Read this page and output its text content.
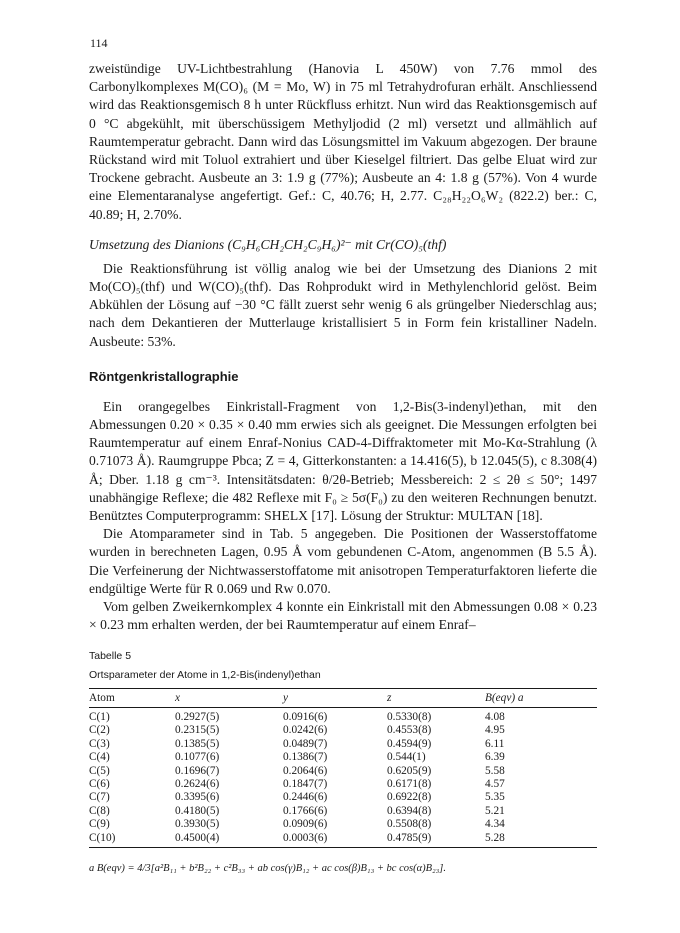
114

zweistündige UV-Lichtbestrahlung (Hanovia L 450W) von 7.76 mmol des Carbonylkomplexes M(CO)₆ (M = Mo, W) in 75 ml Tetrahydrofuran erhält. Anschliessend wird das Reaktionsgemisch 8 h unter Rückfluss erhitzt. Nun wird das Reaktionsgemisch auf 0 °C abgekühlt, mit überschüssigem Methyljodid (2 ml) versetzt und allmählich auf Raumtemperatur gebracht. Dann wird das Lösungsmittel im Vakuum abgezogen. Der braune Rückstand wird mit Toluol extrahiert und über Kieselgel filtriert. Das gelbe Eluat wird zur Trockene gebracht. Ausbeute an 3: 1.9 g (77%); Ausbeute an 4: 1.8 g (57%). Von 4 wurde eine Elementaranalyse angefertigt. Gef.: C, 40.76; H, 2.77. C₂₈H₂₂O₆W₂ (822.2) ber.: C, 40.89; H, 2.70%.

Umsetzung des Dianions (C₉H₆CH₂CH₂C₉H₆)²⁻ mit Cr(CO)₅(thf)

Die Reaktionsführung ist völlig analog wie bei der Umsetzung des Dianions 2 mit Mo(CO)₅(thf) und W(CO)₅(thf). Das Rohprodukt wird in Methylenchlorid gelöst. Beim Abkühlen der Lösung auf −30 °C fällt zuerst sehr wenig 6 als grüngelber Niederschlag aus; nach dem Dekantieren der Mutterlauge kristallisiert 5 in Form fein kristalliner Nadeln. Ausbeute: 53%.

Röntgenkristallographie

Ein orangegelbes Einkristall-Fragment von 1,2-Bis(3-indenyl)ethan, mit den Abmessungen 0.20 × 0.35 × 0.40 mm erwies sich als geeignet. Die Messungen erfolgten bei Raumtemperatur auf einem Enraf-Nonius CAD-4-Diffraktometer mit Mo-Kα-Strahlung (λ 0.71073 Å). Raumgruppe Pbca; Z = 4, Gitterkonstanten: a 14.416(5), b 12.045(5), c 8.308(4) Å; Dber. 1.18 g cm⁻³. Intensitätsdaten: θ/2θ-Betrieb; Messbereich: 2 ≤ 2θ ≤ 50°; 1497 unabhängige Reflexe; die 482 Reflexe mit F₀ ≥ 5σ(F₀) zu den weiteren Rechnungen benutzt. Benütztes Computerprogramm: SHELX [17]. Lösung der Struktur: MULTAN [18].

Die Atomparameter sind in Tab. 5 angegeben. Die Positionen der Wasserstoffatome wurden in berechneten Lagen, 0.95 Å vom gebundenen C-Atom, angenommen (B 5.5 Å). Die Verfeinerung der Nichtwasserstoffatome mit anisotropen Temperaturfaktoren lieferte die endgültige Werte für R 0.069 und Rw 0.070.

Vom gelben Zweikernkomplex 4 konnte ein Einkristall mit den Abmessungen 0.08 × 0.23 × 0.23 mm erhalten werden, der bei Raumtemperatur auf einem Enraf–

Tabelle 5
Ortsparameter der Atome in 1,2-Bis(indenyl)ethan
Atom	x	y	z	B(eqv) a
C(1)	0.2927(5)	0.0916(6)	0.5330(8)	4.08
C(2)	0.2315(5)	0.0242(6)	0.4553(8)	4.95
C(3)	0.1385(5)	0.0489(7)	0.4594(9)	6.11
C(4)	0.1077(6)	0.1386(7)	0.544(1)	6.39
C(5)	0.1696(7)	0.2064(6)	0.6205(9)	5.58
C(6)	0.2624(6)	0.1847(7)	0.6171(8)	4.57
C(7)	0.3395(6)	0.2446(6)	0.6922(8)	5.35
C(8)	0.4180(5)	0.1766(6)	0.6394(8)	5.21
C(9)	0.3930(5)	0.0909(6)	0.5508(8)	4.34
C(10)	0.4500(4)	0.0003(6)	0.4785(9)	5.28
a B(eqv) = 4/3[a²B₁₁ + b²B₂₂ + c²B₃₃ + ab cos(γ)B₁₂ + ac cos(β)B₁₃ + bc cos(α)B₂₃].
